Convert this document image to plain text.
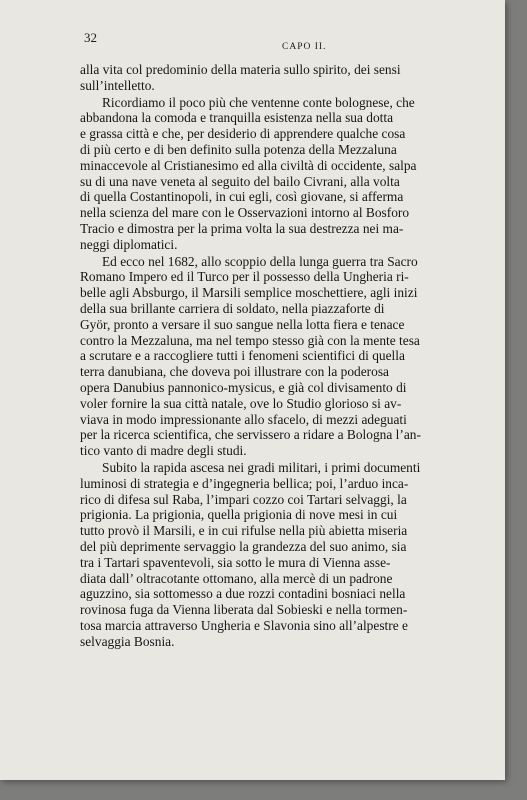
32
CAPO II.

alla vita col predominio della materia sullo spirito, dei sensi
sull’intelletto.

Ricordiamo il poco più che ventenne conte bolognese, che
abbandona la comoda e tranquilla esistenza nella sua dotta
e grassa città e che, per desiderio di apprendere qualche cosa
di più certo e di ben definito sulla potenza della Mezzaluna
minaccevole al Cristianesimo ed alla civiltà di occidente, salpa
su di una nave veneta al seguito del bailo Civrani, alla volta
di quella Costantinopoli, in cui egli, così giovane, si afferma
nella scienza del mare con le Osservazioni intorno al Bosforo
Tracio e dimostra per la prima volta la sua destrezza nei ma-
neggi diplomatici.

Ed ecco nel 1682, allo scoppio della lunga guerra tra Sacro
Romano Impero ed il Turco per il possesso della Ungheria ri-
belle agli Absburgo, il Marsili semplice moschettiere, agli inizi
della sua brillante carriera di soldato, nella piazzaforte di
Györ, pronto a versare il suo sangue nella lotta fiera e tenace
contro la Mezzaluna, ma nel tempo stesso già con la mente tesa
a scrutare e a raccogliere tutti i fenomeni scientifici di quella
terra danubiana, che doveva poi illustrare con la poderosa
opera Danubius pannonico-mysicus, e già col divisamento di
voler fornire la sua città natale, ove lo Studio glorioso si av-
viava in modo impressionante allo sfacelo, di mezzi adeguati
per la ricerca scientifica, che servissero a ridare a Bologna l’an-
tico vanto di madre degli studi.

Subito la rapida ascesa nei gradi militari, i primi documenti
luminosi di strategia e d’ingegneria bellica; poi, l’arduo inca-
rico di difesa sul Raba, l’impari cozzo coi Tartari selvaggi, la
prigionia. La prigionia, quella prigionia di nove mesi in cui
tutto provò il Marsili, e in cui rifulse nella più abietta miseria
del più deprimente servaggio la grandezza del suo animo, sia
tra i Tartari spaventevoli, sia sotto le mura di Vienna asse-
diata dall’ oltracotante ottomano, alla mercè di un padrone
aguzzino, sia sottomesso a due rozzi contadini bosniaci nella
rovinosa fuga da Vienna liberata dal Sobieski e nella tormen-
tosa marcia attraverso Ungheria e Slavonia sino all’alpestre e
selvaggia Bosnia.
